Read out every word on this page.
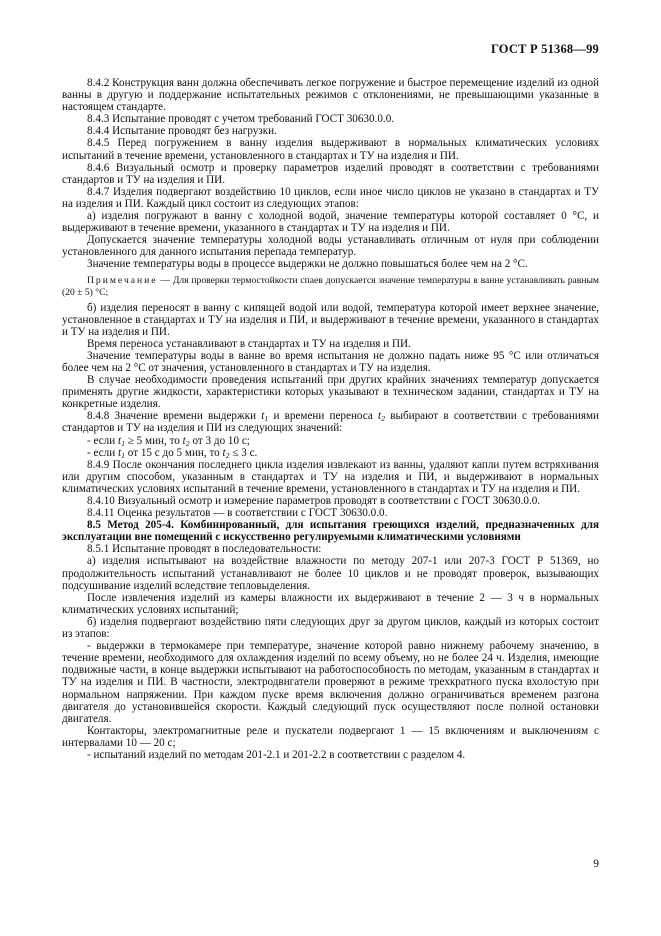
ГОСТ Р 51368—99

8.4.2 Конструкция ванн должна обеспечивать легкое погружение и быстрое перемещение изделий из одной ванны в другую и поддержание испытательных режимов с отклонениями, не превышающими указанные в настоящем стандарте.

8.4.3 Испытание проводят с учетом требований ГОСТ 30630.0.0.

8.4.4 Испытание проводят без нагрузки.

8.4.5 Перед погружением в ванну изделия выдерживают в нормальных климатических условиях испытаний в течение времени, установленного в стандартах и ТУ на изделия и ПИ.

8.4.6 Визуальный осмотр и проверку параметров изделий проводят в соответствии с требованиями стандартов и ТУ на изделия и ПИ.

8.4.7 Изделия подвергают воздействию 10 циклов, если иное число циклов не указано в стандартах и ТУ на изделия и ПИ. Каждый цикл состоит из следующих этапов:

а) изделия погружают в ванну с холодной водой, значение температуры которой составляет 0 °С, и выдерживают в течение времени, указанного в стандартах и ТУ на изделия и ПИ.

Допускается значение температуры холодной воды устанавливать отличным от нуля при соблюдении установленного для данного испытания перепада температур.

Значение температуры воды в процессе выдержки не должно повышаться более чем на 2 °С.

Примечание — Для проверки термостойкости спаев допускается значение температуры в ванне устанавливать равным (20 ± 5) °С;

б) изделия переносят в ванну с кипящей водой или водой, температура которой имеет верхнее значение, установленное в стандартах и ТУ на изделия и ПИ, и выдерживают в течение времени, указанного в стандартах и ТУ на изделия и ПИ.

Время переноса устанавливают в стандартах и ТУ на изделия и ПИ.

Значение температуры воды в ванне во время испытания не должно падать ниже 95 °С или отличаться более чем на 2 °С от значения, установленного в стандартах и ТУ на изделия.

В случае необходимости проведения испытаний при других крайних значениях температур допускается применять другие жидкости, характеристики которых указывают в техническом задании, стандартах и ТУ на конкретные изделия.

8.4.8 Значение времени выдержки $t_1$ и времени переноса $t_2$ выбирают в соответствии с требованиями стандартов и ТУ на изделия и ПИ из следующих значений:

- если $t_1 \ge 5$ мин, то $t_2$ от 3 до 10 с;

- если $t_1$ от 15 с до 5 мин, то $t_2 \le 3$ с.

8.4.9 После окончания последнего цикла изделия извлекают из ванны, удаляют капли путем встряхивания или другим способом, указанным в стандартах и ТУ на изделия и ПИ, и выдерживают в нормальных климатических условиях испытаний в течение времени, установленного в стандартах и ТУ на изделия и ПИ.

8.4.10 Визуальный осмотр и измерение параметров проводят в соответствии с ГОСТ 30630.0.0.

8.4.11 Оценка результатов — в соответствии с ГОСТ 30630.0.0.

8.5 Метод 205-4. Комбинированный, для испытания греющихся изделий, предназначенных для эксплуатации вне помещений с искусственно регулируемыми климатическими условиями

8.5.1 Испытание проводят в последовательности:

а) изделия испытывают на воздействие влажности по методу 207-1 или 207-3 ГОСТ Р 51369, но продолжительность испытаний устанавливают не более 10 циклов и не проводят проверок, вызывающих подсушивание изделий вследствие тепловыделения.

После извлечения изделий из камеры влажности их выдерживают в течение 2 — 3 ч в нормальных климатических условиях испытаний;

б) изделия подвергают воздействию пяти следующих друг за другом циклов, каждый из которых состоит из этапов:

- выдержки в термокамере при температуре, значение которой равно нижнему рабочему значению, в течение времени, необходимого для охлаждения изделий по всему объему, но не более 24 ч. Изделия, имеющие подвижные части, в конце выдержки испытывают на работоспособность по методам, указанным в стандартах и ТУ на изделия и ПИ. В частности, электродвигатели проверяют в режиме трехкратного пуска вхолостую при нормальном напряжении. При каждом пуске время включения должно ограничиваться временем разгона двигателя до установившейся скорости. Каждый следующий пуск осуществляют после полной остановки двигателя.

Контакторы, электромагнитные реле и пускатели подвергают 1 — 15 включениям и выключениям с интервалами 10 — 20 с;

- испытаний изделий по методам 201-2.1 и 201-2.2 в соответствии с разделом 4.

9
